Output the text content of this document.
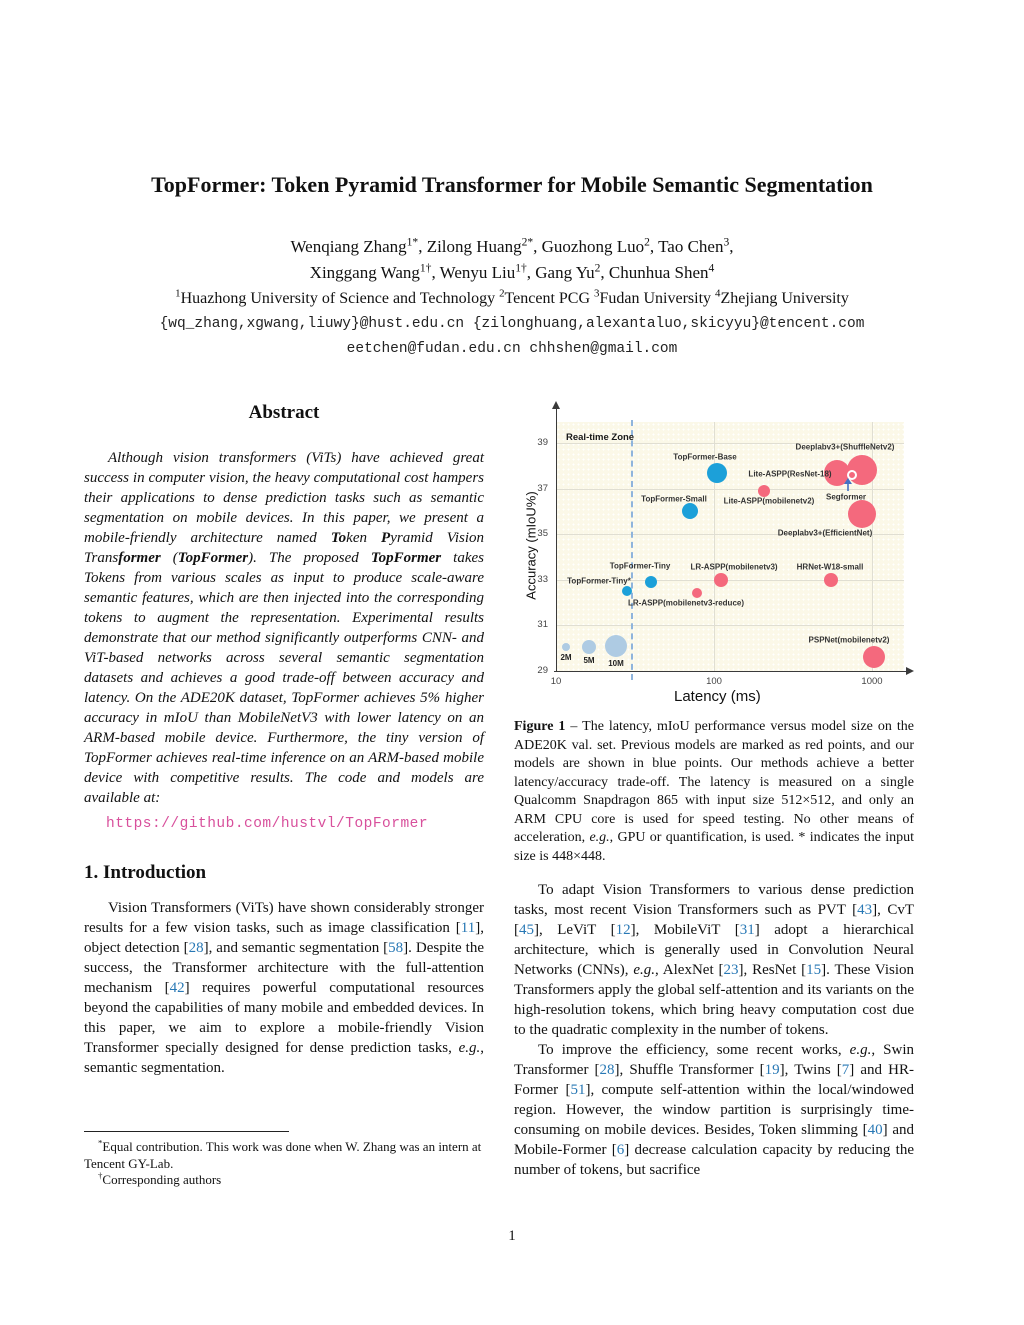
TopFormer: Token Pyramid Transformer for Mobile Semantic Segmentation
Wenqiang Zhang$^{1*}$, Zilong Huang$^{2*}$, Guozhong Luo$^2$, Tao Chen$^3$,
Xinggang Wang$^{1\dagger}$, Wenyu Liu$^{1\dagger}$, Gang Yu$^2$, Chunhua Shen$^4$
$^1$Huazhong University of Science and Technology $^2$Tencent PCG $^3$Fudan University $^4$Zhejiang University
{wq_zhang,xgwang,liuwy}@hust.edu.cn {zilonghuang,alexantaluo,skicyyu}@tencent.com
eetchen@fudan.edu.cn chhshen@gmail.com
Abstract

Although vision transformers (ViTs) have achieved great success in computer vision, the heavy computational cost hampers their applications to dense prediction tasks such as semantic segmentation on mobile devices. In this paper, we present a mobile-friendly architecture named Token Pyramid Vision Transformer (TopFormer). The proposed TopFormer takes Tokens from various scales as input to produce scale-aware semantic features, which are then injected into the corresponding tokens to augment the representation. Experimental results demonstrate that our method significantly outperforms CNN- and ViT-based networks across several semantic segmentation datasets and achieves a good trade-off between accuracy and latency. On the ADE20K dataset, TopFormer achieves 5% higher accuracy in mIoU than MobileNetV3 with lower latency on an ARM-based mobile device. Furthermore, the tiny version of TopFormer achieves real-time inference on an ARM-based mobile device with competitive results. The code and models are available at:

https://github.com/hustvl/TopFormer
1. Introduction

Vision Transformers (ViTs) have shown considerably stronger results for a few vision tasks, such as image classification [11], object detection [28], and semantic segmentation [58]. Despite the success, the Transformer architecture with the full-attention mechanism [42] requires powerful computational resources beyond the capabilities of many mobile and embedded devices. In this paper, we aim to explore a mobile-friendly Vision Transformer specially designed for dense prediction tasks, e.g., semantic segmentation.

*Equal contribution. This work was done when W. Zhang was an intern at Tencent GY-Lab.

†Corresponding authors

Real-time Zone
29
31
33
35
37
39
10	100	1000
Latency (ms)
Accuracy (mIoU%)
2M 5M 10M
TopFormer-Base
TopFormer-Small
TopFormer-Tiny
TopFormer-Tiny*
Lite-ASPP(ResNet-18)
Deeplabv3+(ShuffleNetv2)
Segformer
Deeplabv3+(EfficientNet)
Lite-ASPP(mobilenetv2)
LR-ASPP(mobilenetv3)
LR-ASPP(mobilenetv3-reduce)
HRNet-W18-small
PSPNet(mobilenetv2)

Figure 1 – The latency, mIoU performance versus model size on the ADE20K val. set. Previous models are marked as red points, and our models are shown in blue points. Our methods achieve a better latency/accuracy trade-off. The latency is measured on a single Qualcomm Snapdragon 865 with input size 512×512, and only an ARM CPU core is used for speed testing. No other means of acceleration, e.g., GPU or quantification, is used. * indicates the input size is 448×448.

To adapt Vision Transformers to various dense prediction tasks, most recent Vision Transformers such as PVT [43], CvT [45], LeViT [12], MobileViT [31] adopt a hierarchical architecture, which is generally used in Convolution Neural Networks (CNNs), e.g., AlexNet [23], ResNet [15]. These Vision Transformers apply the global self-attention and its variants on the high-resolution tokens, which bring heavy computation cost due to the quadratic complexity in the number of tokens.

To improve the efficiency, some recent works, e.g., Swin Transformer [28], Shuffle Transformer [19], Twins [7] and HR-Former [51], compute self-attention within the local/windowed region. However, the window partition is surprisingly time-consuming on mobile devices. Besides, Token slimming [40] and Mobile-Former [6] decrease calculation capacity by reducing the number of tokens, but sacrifice

1
